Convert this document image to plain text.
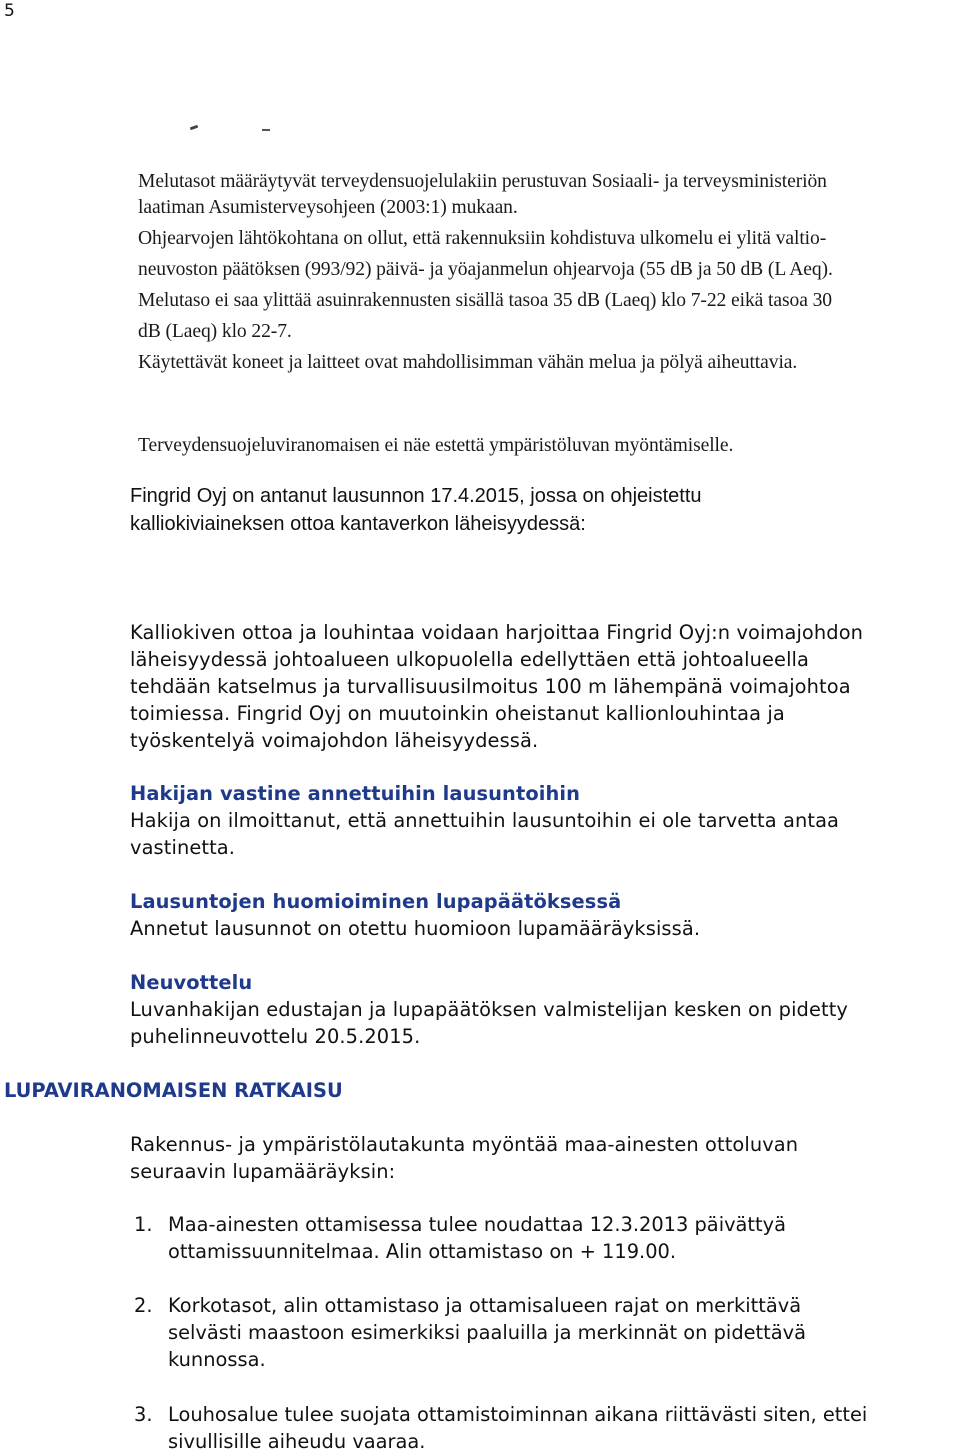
5
Melutasot määräytyvät terveydensuojelulakiin perustuvan Sosiaali- ja terveysministeriön
laatiman Asumisterveysohjeen (2003:1) mukaan.
Ohjearvojen lähtökohtana on ollut, että rakennuksiin kohdistuva ulkomelu ei ylitä valtio-
neuvoston päätöksen (993/92) päivä- ja yöajanmelun ohjearvoja (55 dB ja 50 dB (L Aeq).
Melutaso ei saa ylittää asuinrakennusten sisällä tasoa 35 dB (Laeq) klo 7-22 eikä tasoa 30
dB (Laeq) klo 22-7.
Käytettävät koneet ja laitteet ovat mahdollisimman vähän melua ja pölyä aiheuttavia.
Terveydensuojeluviranomaisen ei näe estettä ympäristöluvan myöntämiselle.
Fingrid Oyj on antanut lausunnon 17.4.2015, jossa on ohjeistettu
kalliokiviaineksen ottoa kantaverkon läheisyydessä:
Kalliokiven ottoa ja louhintaa voidaan harjoittaa Fingrid Oyj:n voimajohdon
läheisyydessä johtoalueen ulkopuolella edellyttäen että johtoalueella
tehdään katselmus ja turvallisuusilmoitus 100 m lähempänä voimajohtoa
toimiessa. Fingrid Oyj on muutoinkin oheistanut kallionlouhintaa ja
työskentelyä voimajohdon läheisyydessä.
Hakijan vastine annettuihin lausuntoihin
Hakija on ilmoittanut, että annettuihin lausuntoihin ei ole tarvetta antaa
vastinetta.
Lausuntojen huomioiminen lupapäätöksessä
Annetut lausunnot on otettu huomioon lupamääräyksissä.
Neuvottelu
Luvanhakijan edustajan ja lupapäätöksen valmistelijan kesken on pidetty
puhelinneuvottelu 20.5.2015.
LUPAVIRANOMAISEN RATKAISU
Rakennus- ja ympäristölautakunta myöntää maa-ainesten ottoluvan
seuraavin lupamääräyksin:
1. Maa-ainesten ottamisessa tulee noudattaa 12.3.2013 päivättyä
ottamissuunnitelmaa. Alin ottamistaso on + 119.00.
2. Korkotasot, alin ottamistaso ja ottamisalueen rajat on merkittävä
selvästi maastoon esimerkiksi paaluilla ja merkinnät on pidettävä
kunnossa.
3. Louhosalue tulee suojata ottamistoiminnan aikana riittävästi siten, ettei
sivullisille aiheudu vaaraa.
